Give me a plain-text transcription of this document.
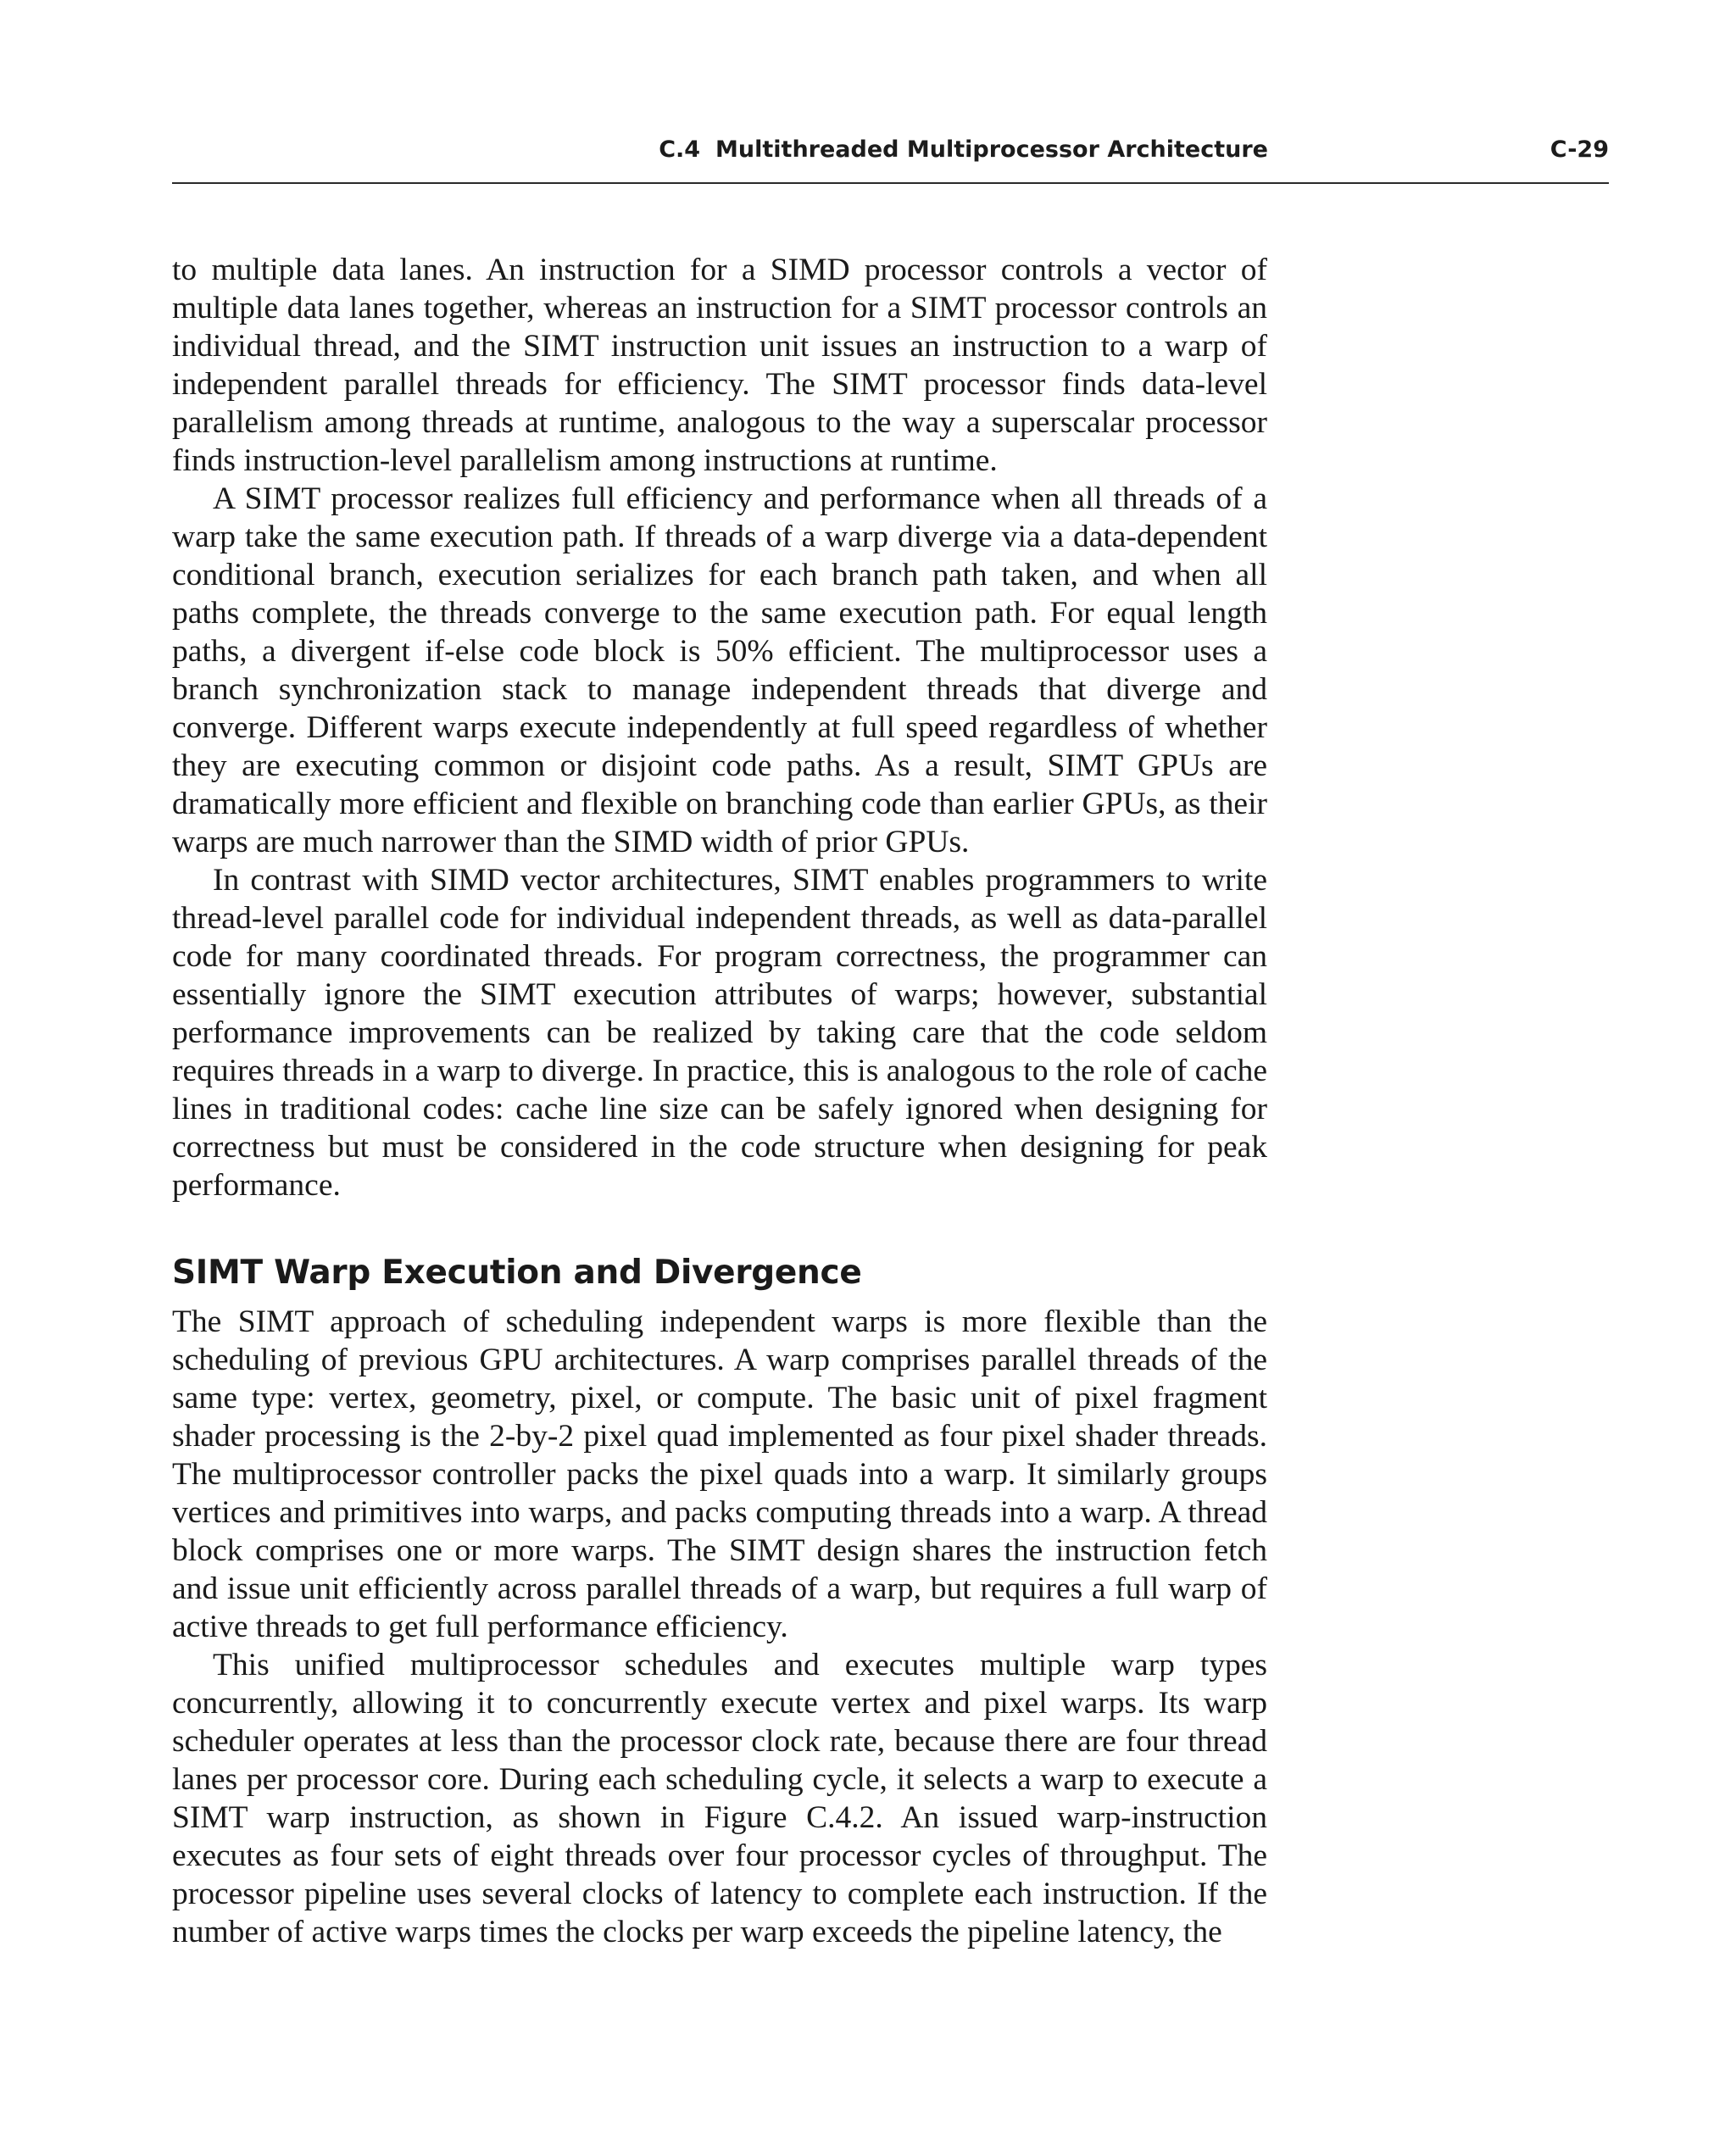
C.4 Multithreaded Multiprocessor Architecture	C-29

to multiple data lanes. An instruction for a SIMD processor controls a vector of multiple data lanes together, whereas an instruction for a SIMT processor controls an individual thread, and the SIMT instruction unit issues an instruction to a warp of independent parallel threads for efficiency. The SIMT processor finds data-level parallelism among threads at runtime, analogous to the way a superscalar processor finds instruction-level parallelism among instructions at runtime.

A SIMT processor realizes full efficiency and performance when all threads of a warp take the same execution path. If threads of a warp diverge via a data-dependent conditional branch, execution serializes for each branch path taken, and when all paths complete, the threads converge to the same execution path. For equal length paths, a divergent if-else code block is 50% efficient. The multiprocessor uses a branch synchronization stack to manage independent threads that diverge and converge. Different warps execute independently at full speed regardless of whether they are executing common or disjoint code paths. As a result, SIMT GPUs are dramatically more efficient and flexible on branching code than earlier GPUs, as their warps are much narrower than the SIMD width of prior GPUs.

In contrast with SIMD vector architectures, SIMT enables programmers to write thread-level parallel code for individual independent threads, as well as data-parallel code for many coordinated threads. For program correctness, the programmer can essentially ignore the SIMT execution attributes of warps; however, substantial performance improvements can be realized by taking care that the code seldom requires threads in a warp to diverge. In practice, this is analogous to the role of cache lines in traditional codes: cache line size can be safely ignored when designing for correctness but must be considered in the code structure when designing for peak performance.

SIMT Warp Execution and Divergence

The SIMT approach of scheduling independent warps is more flexible than the scheduling of previous GPU architectures. A warp comprises parallel threads of the same type: vertex, geometry, pixel, or compute. The basic unit of pixel fragment shader processing is the 2-by-2 pixel quad implemented as four pixel shader threads. The multiprocessor controller packs the pixel quads into a warp. It similarly groups vertices and primitives into warps, and packs computing threads into a warp. A thread block comprises one or more warps. The SIMT design shares the instruction fetch and issue unit efficiently across parallel threads of a warp, but requires a full warp of active threads to get full performance efficiency.

This unified multiprocessor schedules and executes multiple warp types concurrently, allowing it to concurrently execute vertex and pixel warps. Its warp scheduler operates at less than the processor clock rate, because there are four thread lanes per processor core. During each scheduling cycle, it selects a warp to execute a SIMT warp instruction, as shown in Figure C.4.2. An issued warp-instruction executes as four sets of eight threads over four processor cycles of throughput. The processor pipeline uses several clocks of latency to complete each instruction. If the number of active warps times the clocks per warp exceeds the pipeline latency, the
